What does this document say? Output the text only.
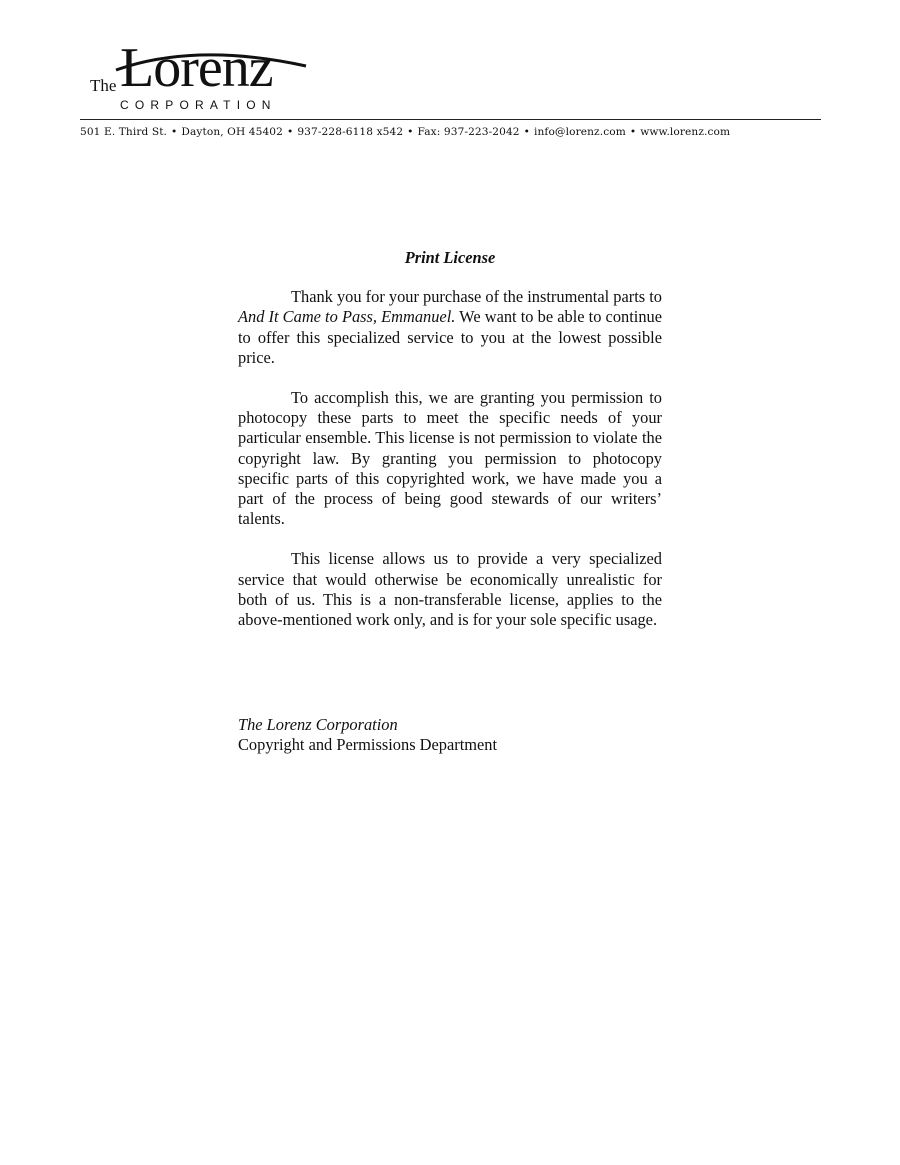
The Lorenz
CORPORATION
501 E. Third St. • Dayton, OH 45402 • 937-228-6118 x542 • Fax: 937-223-2042 • info@lorenz.com • www.lorenz.com
Print License

Thank you for your purchase of the instrumental parts to And It Came to Pass, Emmanuel. We want to be able to continue to offer this specialized service to you at the lowest possible price.

To accomplish this, we are granting you permission to photocopy these parts to meet the specific needs of your particular ensemble. This license is not permission to violate the copyright law. By granting you permission to photocopy specific parts of this copyrighted work, we have made you a part of the process of being good stewards of our writers’ talents.

This license allows us to provide a very specialized service that would otherwise be economically unrealistic for both of us. This is a non-transferable license, applies to the above-mentioned work only, and is for your sole specific usage.

The Lorenz Corporation
Copyright and Permissions Department
